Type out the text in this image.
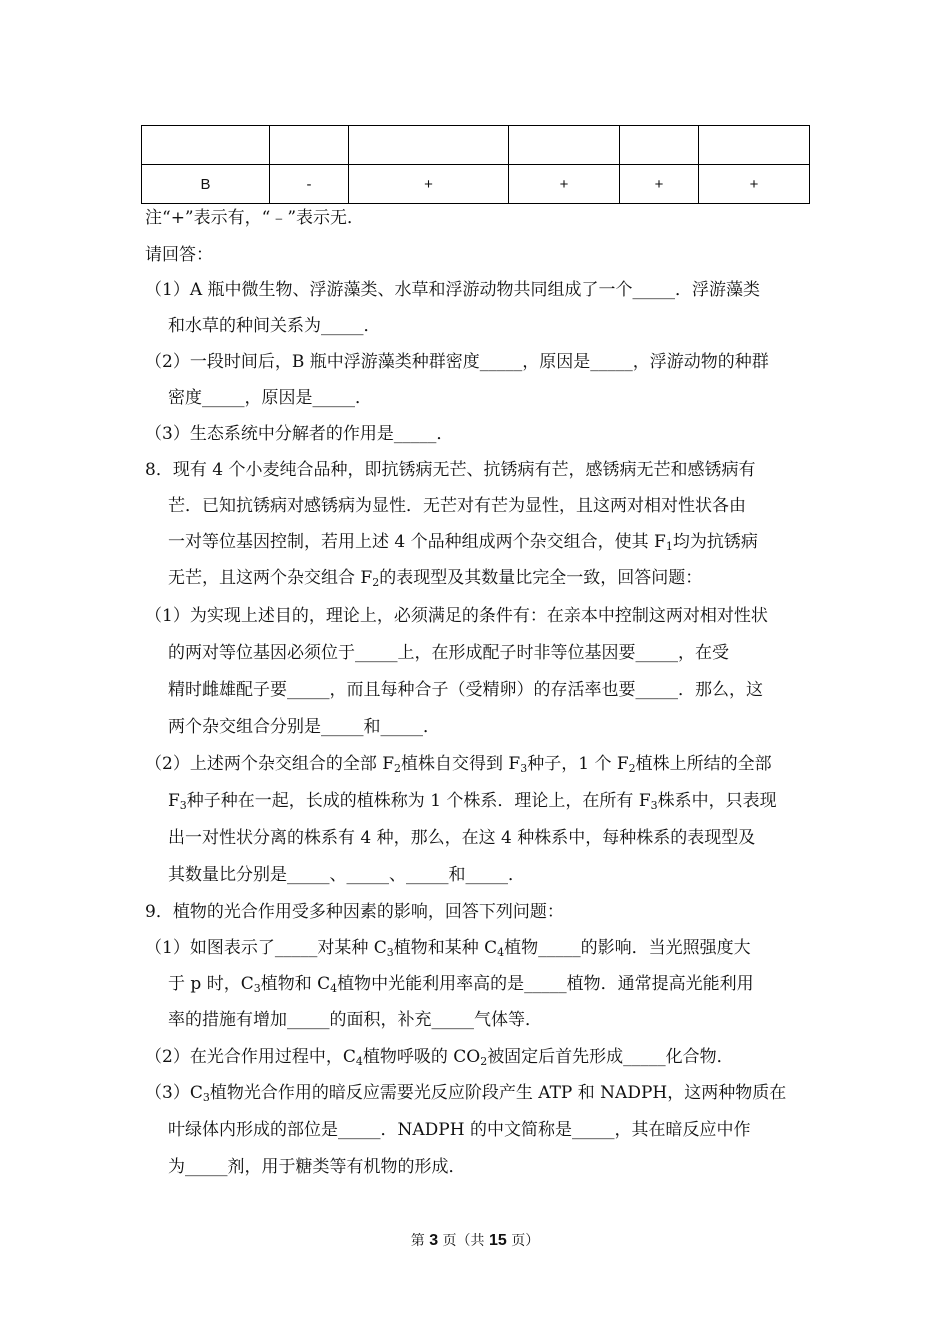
B	-	+	+	+	+
注“+”表示有，“﹣”表示无．
请回答：
（1）A 瓶中微生物、浮游藻类、水草和浮游动物共同组成了一个_____．浮游藻类
和水草的种间关系为_____．
（2）一段时间后，B 瓶中浮游藻类种群密度_____，原因是_____，浮游动物的种群
密度_____，原因是_____．
（3）生态系统中分解者的作用是_____．
8．现有 4 个小麦纯合品种，即抗锈病无芒、抗锈病有芒，感锈病无芒和感锈病有
芒．已知抗锈病对感锈病为显性．无芒对有芒为显性，且这两对相对性状各由
一对等位基因控制，若用上述 4 个品种组成两个杂交组合，使其 $F_1$均为抗锈病
无芒，且这两个杂交组合 $F_2$的表现型及其数量比完全一致，回答问题：
（1）为实现上述目的，理论上，必须满足的条件有：在亲本中控制这两对相对性状
的两对等位基因必须位于_____上，在形成配子时非等位基因要_____，在受
精时雌雄配子要_____，而且每种合子（受精卵）的存活率也要_____．那么，这
两个杂交组合分别是_____和_____．
（2）上述两个杂交组合的全部 $F_2$植株自交得到 $F_3$种子，1 个 $F_2$植株上所结的全部
$F_3$种子种在一起，长成的植株称为 1 个株系．理论上，在所有 $F_3$株系中，只表现
出一对性状分离的株系有 4 种，那么，在这 4 种株系中，每种株系的表现型及
其数量比分别是_____、_____、_____和_____．
9．植物的光合作用受多种因素的影响，回答下列问题：
（1）如图表示了_____对某种 $C_3$植物和某种 $C_4$植物_____的影响．当光照强度大
于 p 时，$C_3$植物和 $C_4$植物中光能利用率高的是_____植物．通常提高光能利用
率的措施有增加_____的面积，补充_____气体等．
（2）在光合作用过程中，$C_4$植物呼吸的 $CO_2$被固定后首先形成_____化合物．
$(3)C_3$植物光合作用的暗反应需要光反应阶段产生 ATP 和 NADPH，这两种物质在
叶绿体内形成的部位是_____．NADPH 的中文简称是_____，其在暗反应中作
为_____剂，用于糖类等有机物的形成．
第 3 页（共 15 页）
